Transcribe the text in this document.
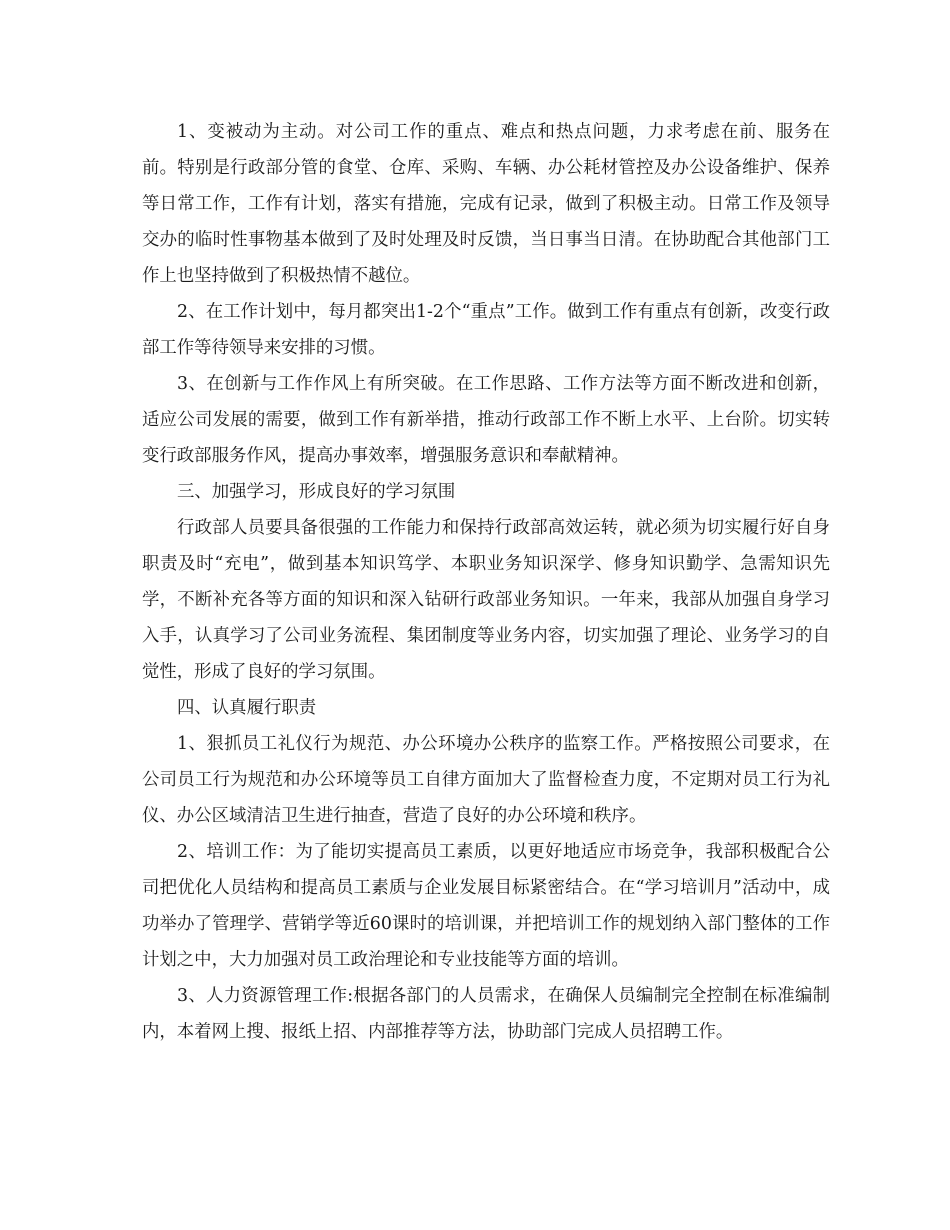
1、变被动为主动。对公司工作的重点、难点和热点问题，力求考虑在前、服务在前。特别是行政部分管的食堂、仓库、采购、车辆、办公耗材管控及办公设备维护、保养等日常工作，工作有计划，落实有措施，完成有记录，做到了积极主动。日常工作及领导交办的临时性事物基本做到了及时处理及时反馈，当日事当日清。在协助配合其他部门工作上也坚持做到了积极热情不越位。

2、在工作计划中，每月都突出1-2个“重点”工作。做到工作有重点有创新，改变行政部工作等待领导来安排的习惯。

3、在创新与工作作风上有所突破。在工作思路、工作方法等方面不断改进和创新，适应公司发展的需要，做到工作有新举措，推动行政部工作不断上水平、上台阶。切实转变行政部服务作风，提高办事效率，增强服务意识和奉献精神。

三、加强学习，形成良好的学习氛围

行政部人员要具备很强的工作能力和保持行政部高效运转，就必须为切实履行好自身职责及时“充电”，做到基本知识笃学、本职业务知识深学、修身知识勤学、急需知识先学，不断补充各等方面的知识和深入钻研行政部业务知识。一年来，我部从加强自身学习入手，认真学习了公司业务流程、集团制度等业务内容，切实加强了理论、业务学习的自觉性，形成了良好的学习氛围。

四、认真履行职责

1、狠抓员工礼仪行为规范、办公环境办公秩序的监察工作。严格按照公司要求，在公司员工行为规范和办公环境等员工自律方面加大了监督检查力度，不定期对员工行为礼仪、办公区域清洁卫生进行抽查，营造了良好的办公环境和秩序。

2、培训工作：为了能切实提高员工素质，以更好地适应市场竞争，我部积极配合公司把优化人员结构和提高员工素质与企业发展目标紧密结合。在“学习培训月”活动中，成功举办了管理学、营销学等近60课时的培训课，并把培训工作的规划纳入部门整体的工作计划之中，大力加强对员工政治理论和专业技能等方面的培训。

3、人力资源管理工作:根据各部门的人员需求，在确保人员编制完全控制在标准编制内，本着网上搜、报纸上招、内部推荐等方法，协助部门完成人员招聘工作。
